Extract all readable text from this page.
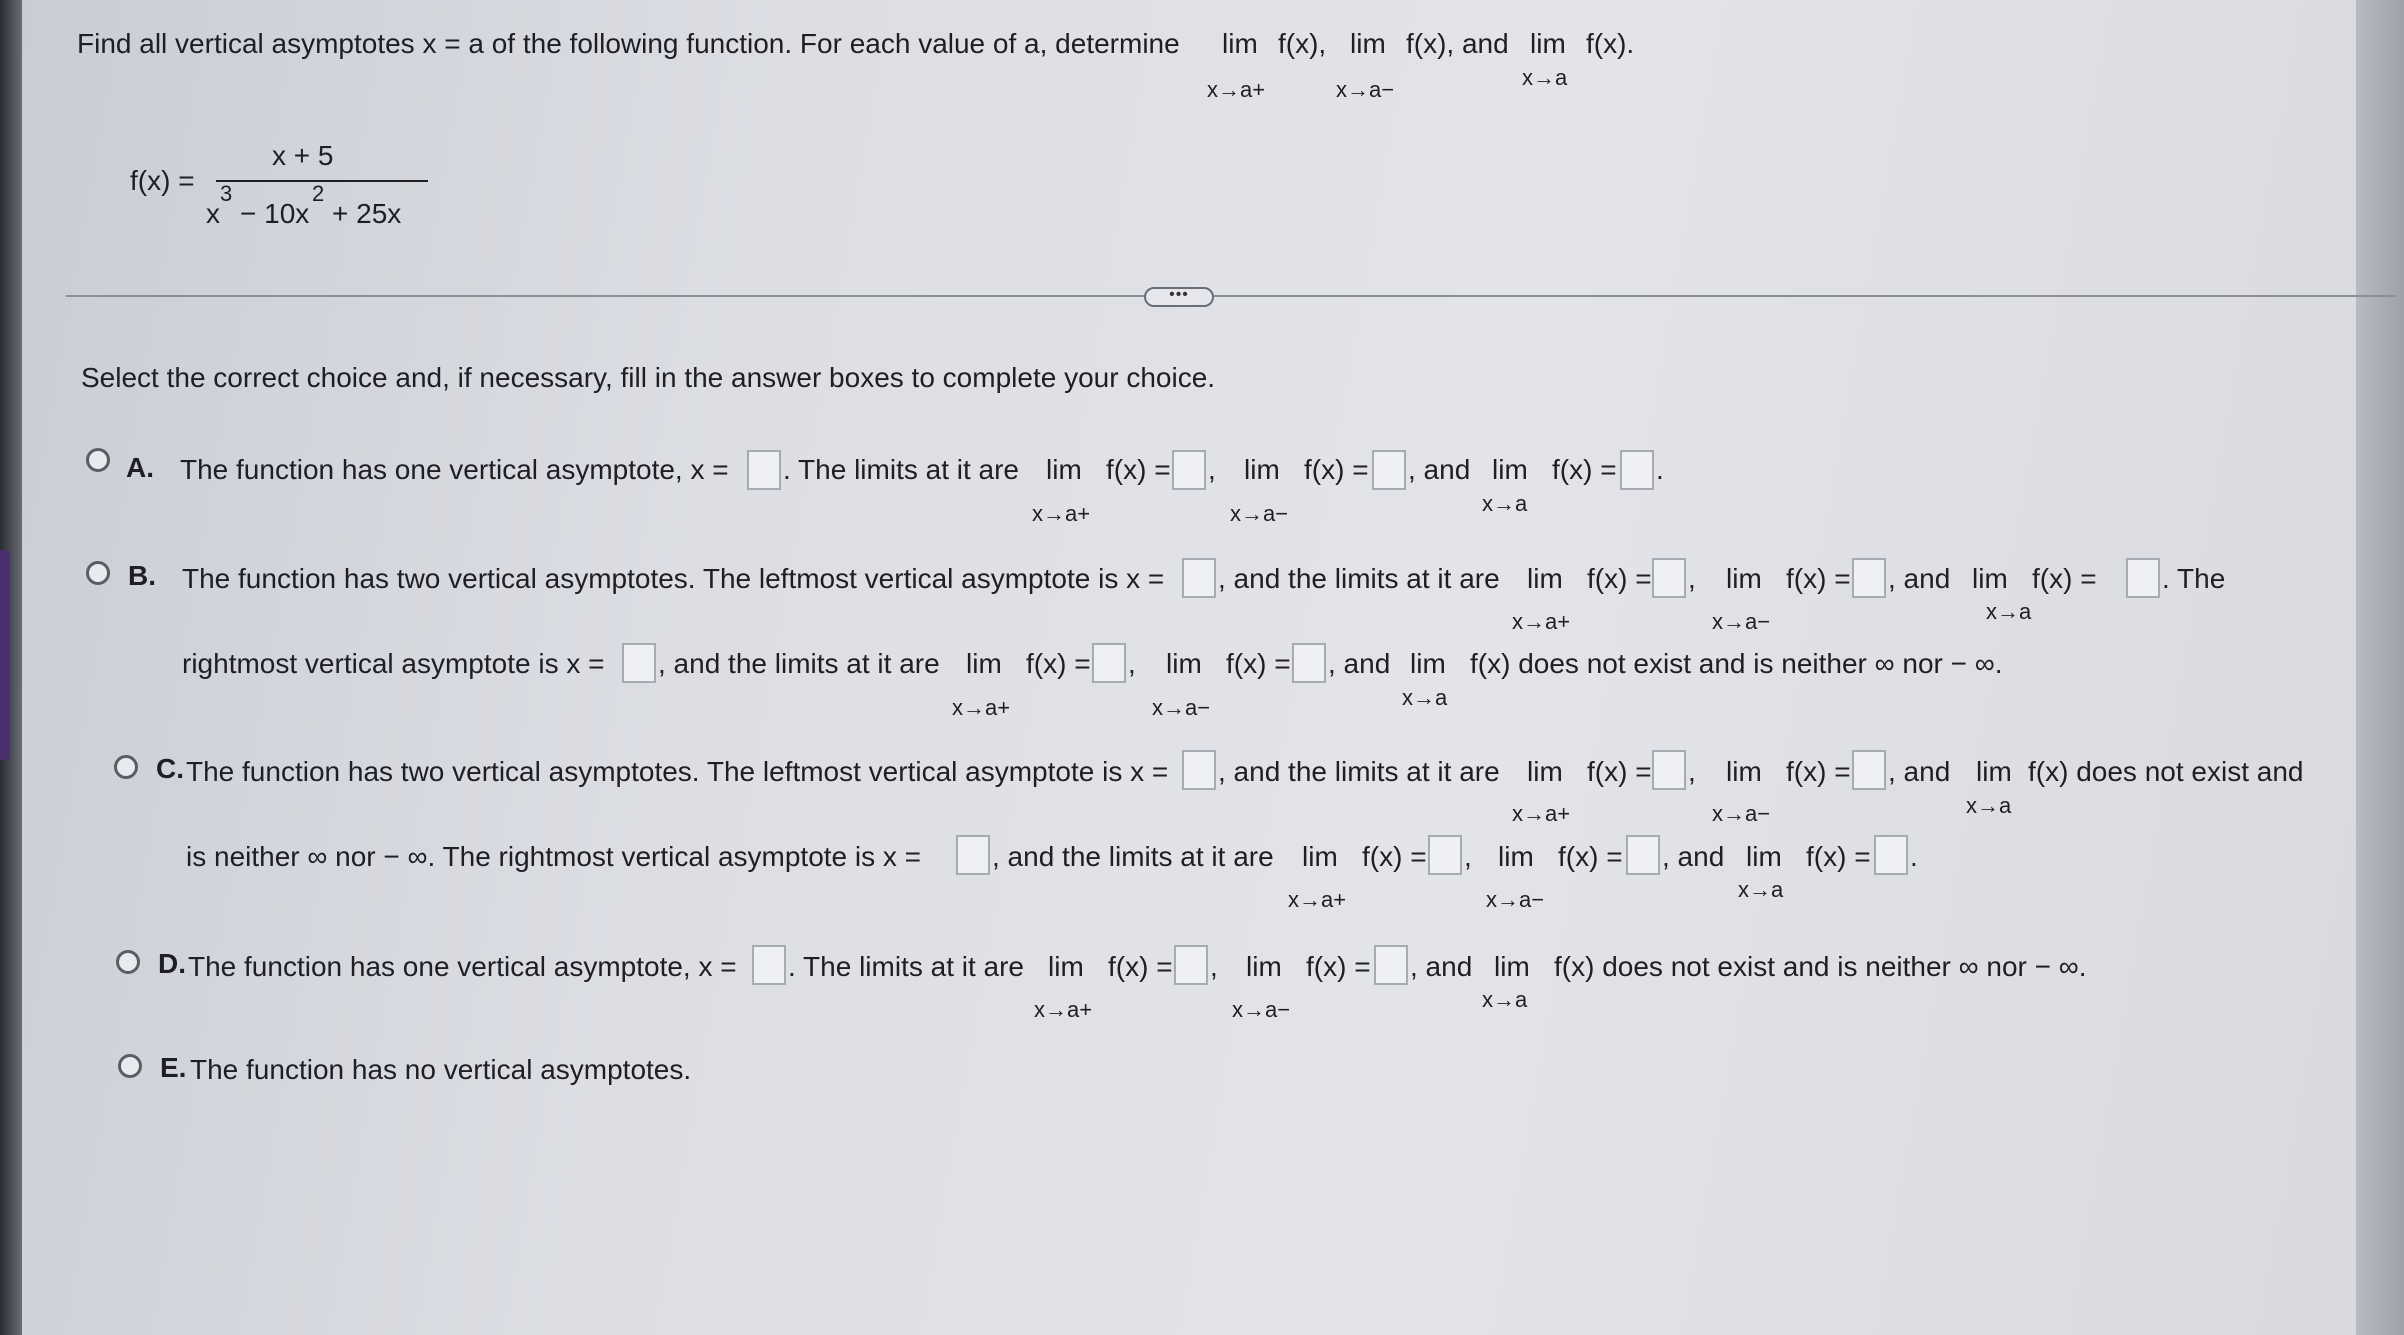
Find all vertical asymptotes x = a of the following function. For each value of a, determine lim f(x),
x→a+
lim f(x), and
x→a−
lim f(x).
x→a
f(x) =
x + 5
x
3
− 10x
2
+ 25x
•••
Select the correct choice and, if necessary, fill in the answer boxes to complete your choice.
A. The function has one vertical asymptote, x = . The limits at it are lim f(x) =
x→a+
, lim f(x) =
x→a−
, and lim f(x) =
x→a
.
B. The function has two vertical asymptotes. The leftmost vertical asymptote is x = , and the limits at it are lim f(x) =
x→a+
, lim f(x) =
x→a−
, and lim f(x) =
x→a
. The
rightmost vertical asymptote is x = , and the limits at it are lim f(x) =
x→a+
, lim f(x) =
x→a−
, and lim f(x) does not exist and is neither ∞ nor − ∞.
x→a
C. The function has two vertical asymptotes. The leftmost vertical asymptote is x = , and the limits at it are lim f(x) =
x→a+
, lim f(x) =
x→a−
, and lim f(x) does not exist and
x→a
is neither ∞ nor − ∞. The rightmost vertical asymptote is x =	, and the limits at it are lim f(x) =
x→a+
, lim f(x) =
x→a−
, and lim f(x) =
x→a
.
D. The function has one vertical asymptote, x = . The limits at it are lim f(x) =
x→a+
, lim f(x) =
x→a−
, and lim f(x) does not exist and is neither ∞ nor − ∞.
x→a
E. The function has no vertical asymptotes.
